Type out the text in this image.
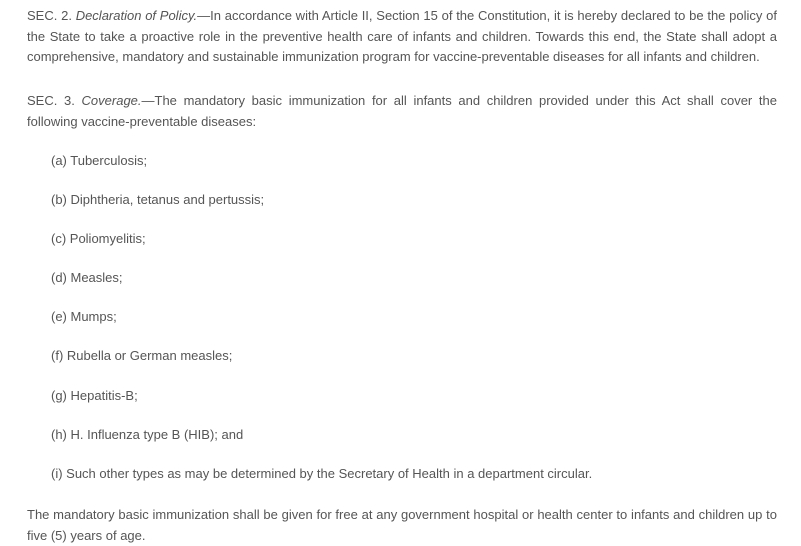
SEC. 2. Declaration of Policy.—In accordance with Article II, Section 15 of the Constitution, it is hereby declared to be the policy of the State to take a proactive role in the preventive health care of infants and children. Towards this end, the State shall adopt a comprehensive, mandatory and sustainable immunization program for vaccine-preventable diseases for all infants and children.

SEC. 3. Coverage.—The mandatory basic immunization for all infants and children provided under this Act shall cover the following vaccine-preventable diseases:

(a) Tuberculosis;
(b) Diphtheria, tetanus and pertussis;
(c) Poliomyelitis;
(d) Measles;
(e) Mumps;
(f) Rubella or German measles;
(g) Hepatitis-B;
(h) H. Influenza type B (HIB); and
(i) Such other types as may be determined by the Secretary of Health in a department circular.

The mandatory basic immunization shall be given for free at any government hospital or health center to infants and children up to five (5) years of age.
